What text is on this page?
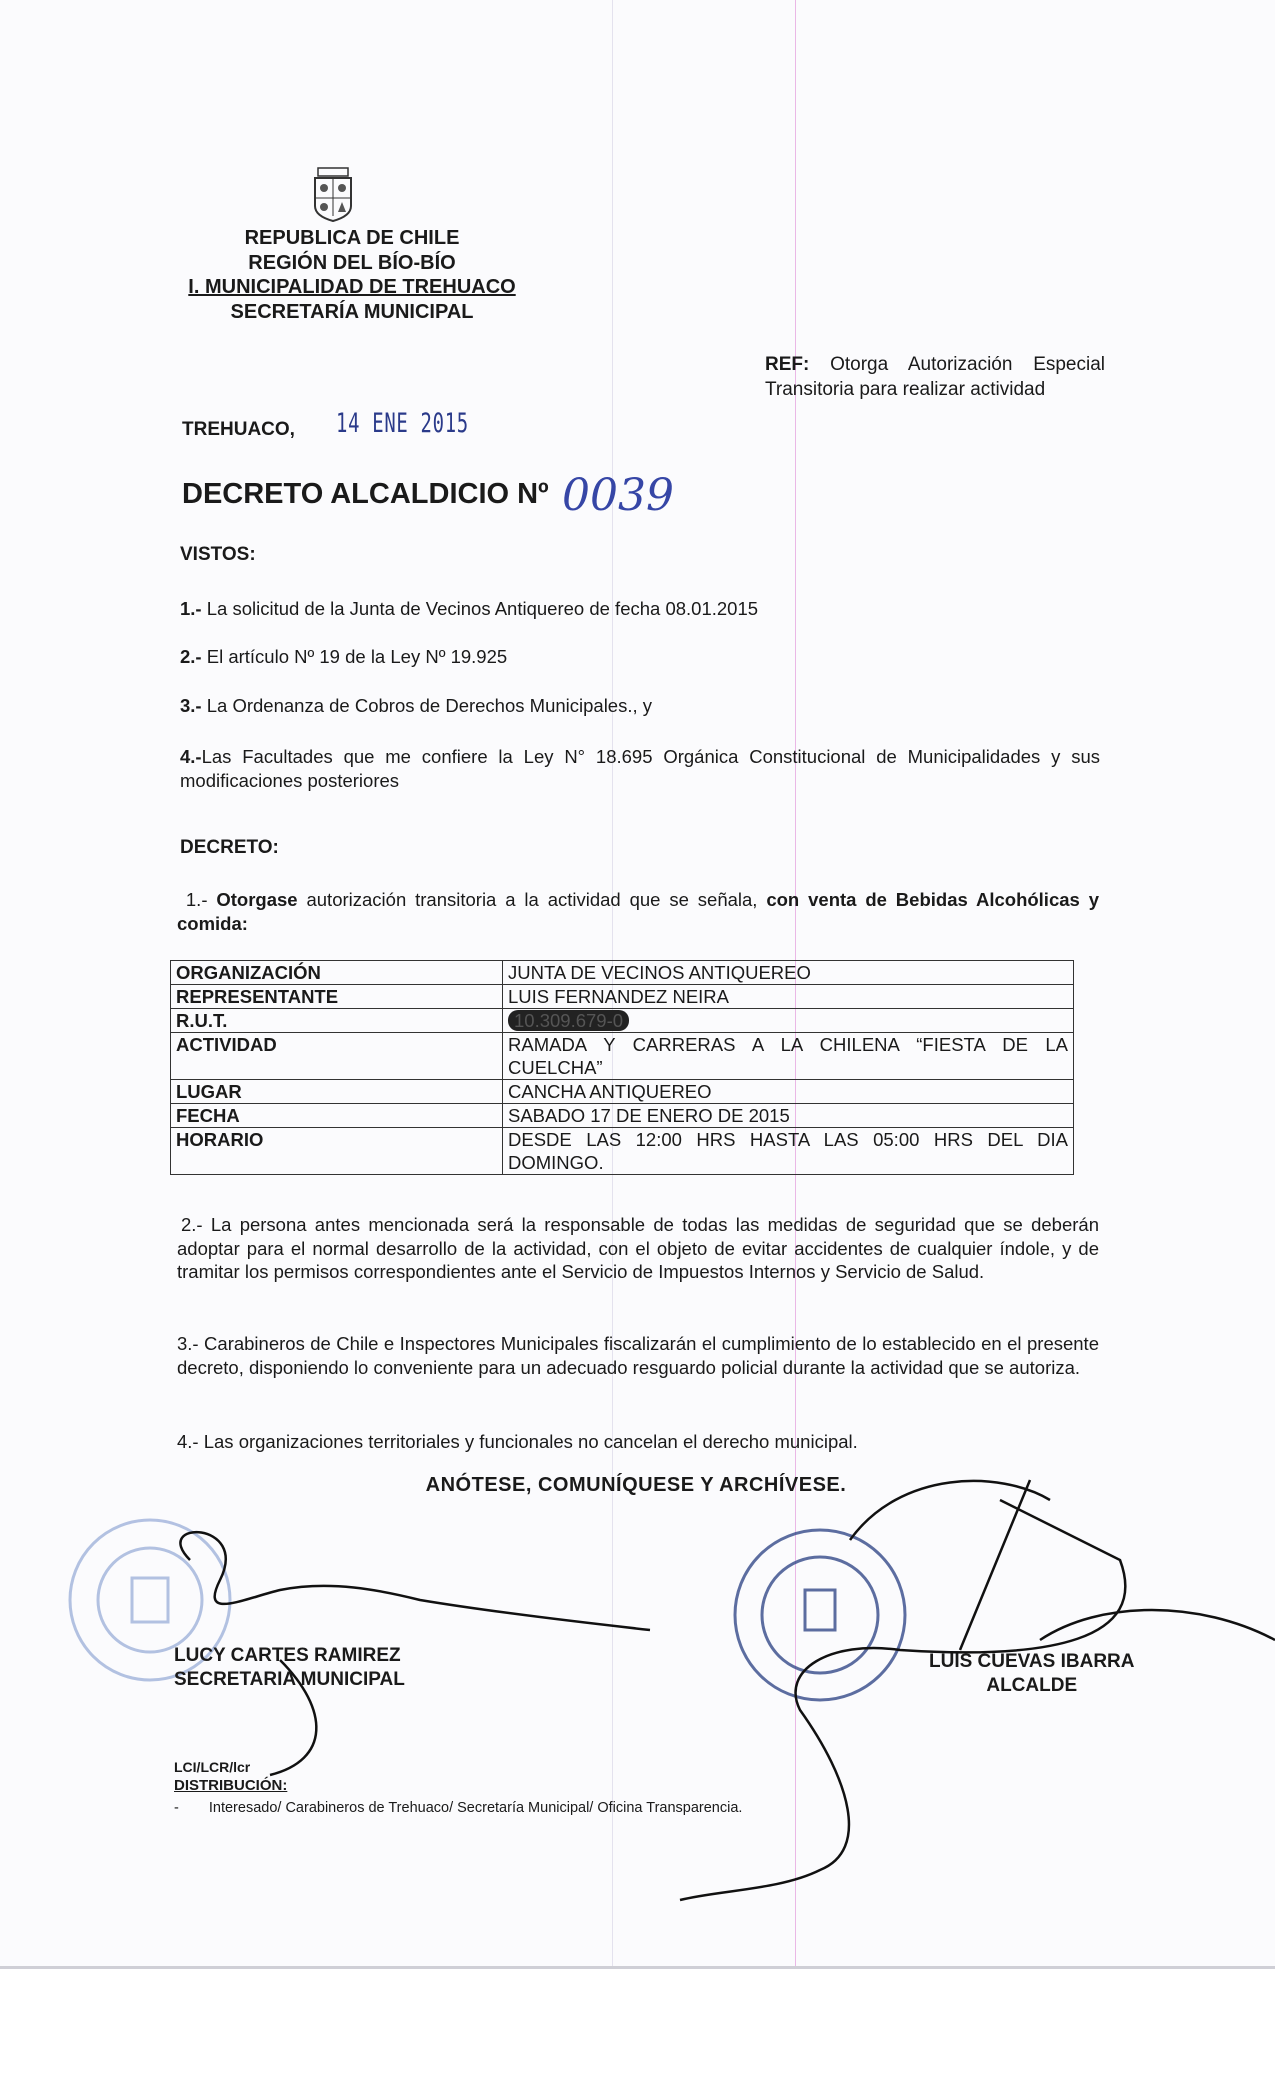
REPUBLICA DE CHILE
REGIÓN DEL BÍO-BÍO
I. MUNICIPALIDAD DE TREHUACO
SECRETARÍA MUNICIPAL
REF: Otorga Autorización Especial Transitoria para realizar actividad
TREHUACO, 14 ENE 2015
DECRETO ALCALDICIO Nº 0039
VISTOS:
1.- La solicitud de la Junta de Vecinos Antiquereo de fecha 08.01.2015
2.- El artículo Nº 19 de la Ley Nº 19.925
3.- La Ordenanza de Cobros de Derechos Municipales., y
4.-Las Facultades que me confiere la Ley N° 18.695 Orgánica Constitucional de Municipalidades y sus modificaciones posteriores
DECRETO:
1.- Otorgase autorización transitoria a la actividad que se señala, con venta de Bebidas Alcohólicas y comida:
ORGANIZACIÓN	JUNTA DE VECINOS ANTIQUEREO
REPRESENTANTE	LUIS FERNANDEZ NEIRA
R.U.T.	10.309.679-0
ACTIVIDAD	RAMADA Y CARRERAS A LA CHILENA “FIESTA DE LA CUELCHA”
LUGAR	CANCHA ANTIQUEREO
FECHA	SABADO 17 DE ENERO DE 2015
HORARIO	DESDE LAS 12:00 HRS HASTA LAS 05:00 HRS DEL DIA DOMINGO.
2.- La persona antes mencionada será la responsable de todas las medidas de seguridad que se deberán adoptar para el normal desarrollo de la actividad, con el objeto de evitar accidentes de cualquier índole, y de tramitar los permisos correspondientes ante el Servicio de Impuestos Internos y Servicio de Salud.
3.- Carabineros de Chile e Inspectores Municipales fiscalizarán el cumplimiento de lo establecido en el presente decreto, disponiendo lo conveniente para un adecuado resguardo policial durante la actividad que se autoriza.
4.- Las organizaciones territoriales y funcionales no cancelan el derecho municipal.
ANÓTESE, COMUNÍQUESE Y ARCHÍVESE.
LUCY CARTES RAMIREZ
SECRETARIA MUNICIPAL
LUIS CUEVAS IBARRA
ALCALDE
LCI/LCR/lcr
DISTRIBUCIÓN:
- Interesado/ Carabineros de Trehuaco/ Secretaría Municipal/ Oficina Transparencia.
